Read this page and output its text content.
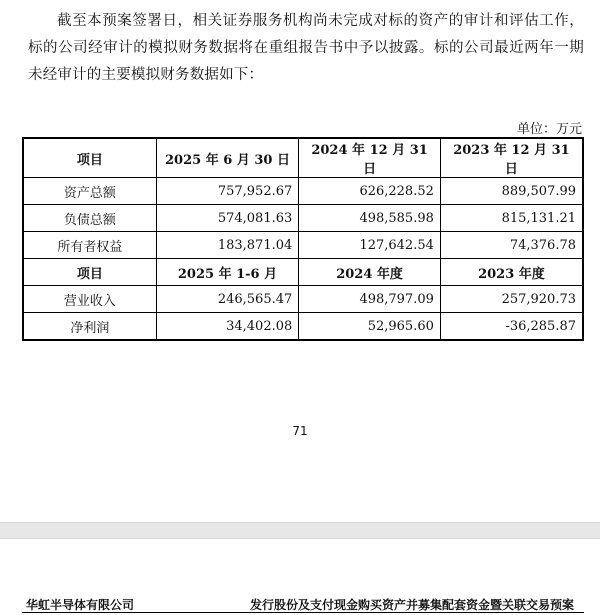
截至本预案签署日，相关证券服务机构尚未完成对标的资产的审计和评估工作，标的公司经审计的模拟财务数据将在重组报告书中予以披露。标的公司最近两年一期未经审计的主要模拟财务数据如下：

单位：万元
项目	2025 年 6 月 30 日	2024 年 12 月 31 日	2023 年 12 月 31 日
资产总额	757,952.67	626,228.52	889,507.99
负债总额	574,081.63	498,585.98	815,131.21
所有者权益	183,871.04	127,642.54	74,376.78
项目	2025 年 1-6 月	2024 年度	2023 年度
营业收入	246,565.47	498,797.09	257,920.73
净利润	34,402.08	52,965.60	-36,285.87
71
华虹半导体有限公司	发行股份及支付现金购买资产并募集配套资金暨关联交易预案
